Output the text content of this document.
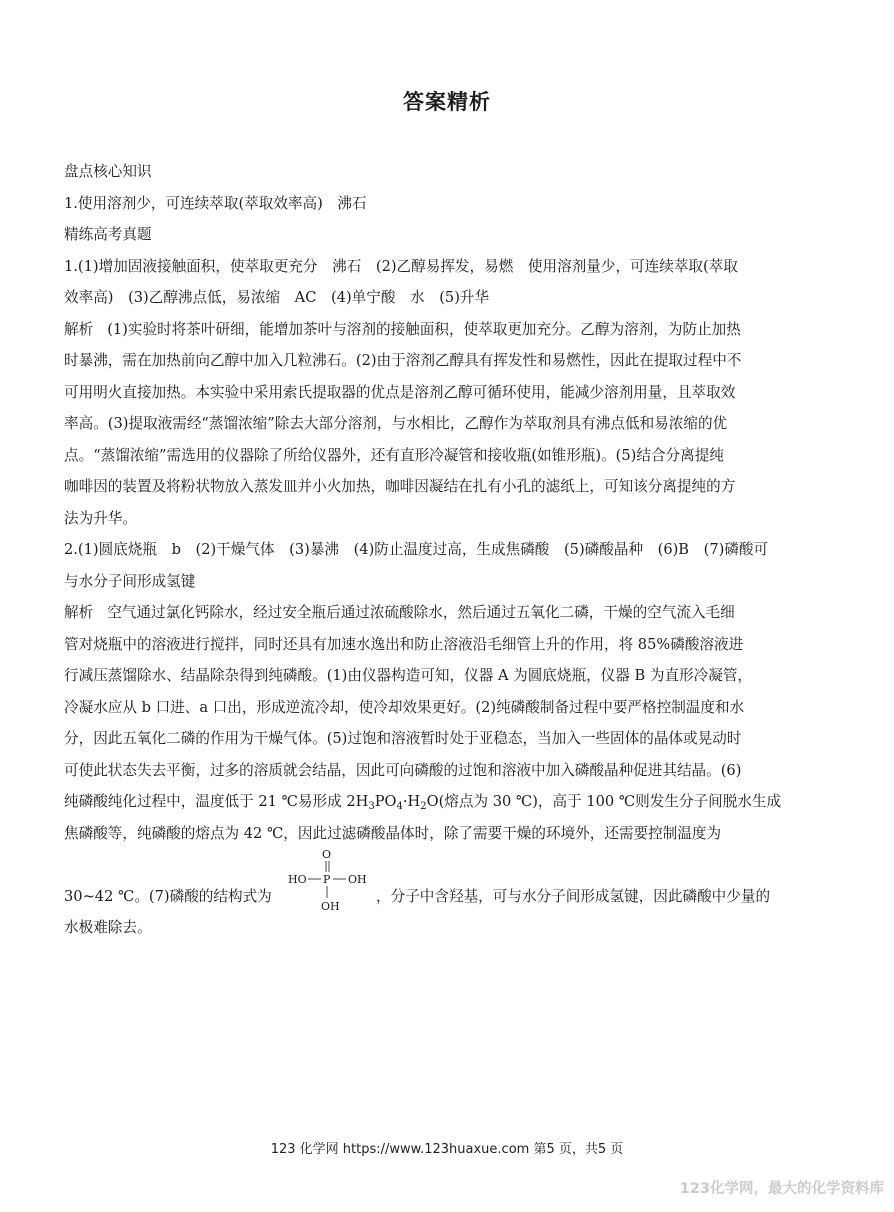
答案精析

盘点核心知识

1.使用溶剂少，可连续萃取(萃取效率高)　沸石

精练高考真题

1.(1)增加固液接触面积，使萃取更充分　沸石　(2)乙醇易挥发，易燃　使用溶剂量少，可连续萃取(萃取

效率高)　(3)乙醇沸点低，易浓缩　AC　(4)单宁酸　水　(5)升华

解析 (1)实验时将茶叶研细，能增加茶叶与溶剂的接触面积，使萃取更加充分。乙醇为溶剂，为防止加热

时暴沸，需在加热前向乙醇中加入几粒沸石。(2)由于溶剂乙醇具有挥发性和易燃性，因此在提取过程中不

可用明火直接加热。本实验中采用索氏提取器的优点是溶剂乙醇可循环使用，能减少溶剂用量，且萃取效

率高。(3)提取液需经“蒸馏浓缩”除去大部分溶剂，与水相比，乙醇作为萃取剂具有沸点低和易浓缩的优

点。“蒸馏浓缩”需选用的仪器除了所给仪器外，还有直形冷凝管和接收瓶(如锥形瓶)。(5)结合分离提纯

咖啡因的装置及将粉状物放入蒸发皿并小火加热，咖啡因凝结在扎有小孔的滤纸上，可知该分离提纯的方

法为升华。

2.(1)圆底烧瓶　b　(2)干燥气体　(3)暴沸　(4)防止温度过高，生成焦磷酸　(5)磷酸晶种　(6)B　(7)磷酸可

与水分子间形成氢键

解析 空气通过氯化钙除水，经过安全瓶后通过浓硫酸除水，然后通过五氧化二磷，干燥的空气流入毛细

管对烧瓶中的溶液进行搅拌，同时还具有加速水逸出和防止溶液沿毛细管上升的作用，将 85%磷酸溶液进

行减压蒸馏除水、结晶除杂得到纯磷酸。(1)由仪器构造可知，仪器 A 为圆底烧瓶，仪器 B 为直形冷凝管，

冷凝水应从 b 口进、a 口出，形成逆流冷却，使冷却效果更好。(2)纯磷酸制备过程中要严格控制温度和水

分，因此五氧化二磷的作用为干燥气体。(5)过饱和溶液暂时处于亚稳态，当加入一些固体的晶体或晃动时

可使此状态失去平衡，过多的溶质就会结晶，因此可向磷酸的过饱和溶液中加入磷酸晶种促进其结晶。(6)

纯磷酸纯化过程中，温度低于 21 ℃易形成 $2H_3PO_4\cdot H_2O$(熔点为 30 ℃)，高于 100 ℃则发生分子间脱水生成

焦磷酸等，纯磷酸的熔点为 42 ℃，因此过滤磷酸晶体时，除了需要干燥的环境外，还需要控制温度为

30~42 ℃。(7)磷酸的结构式为
O
HO P OH
OH
，分子中含羟基，可与水分子间形成氢键，因此磷酸中少量的

水极难除去。

123 化学网 https://www.123huaxue.com 第5 页，共5 页
123化学网，最大的化学资料库
